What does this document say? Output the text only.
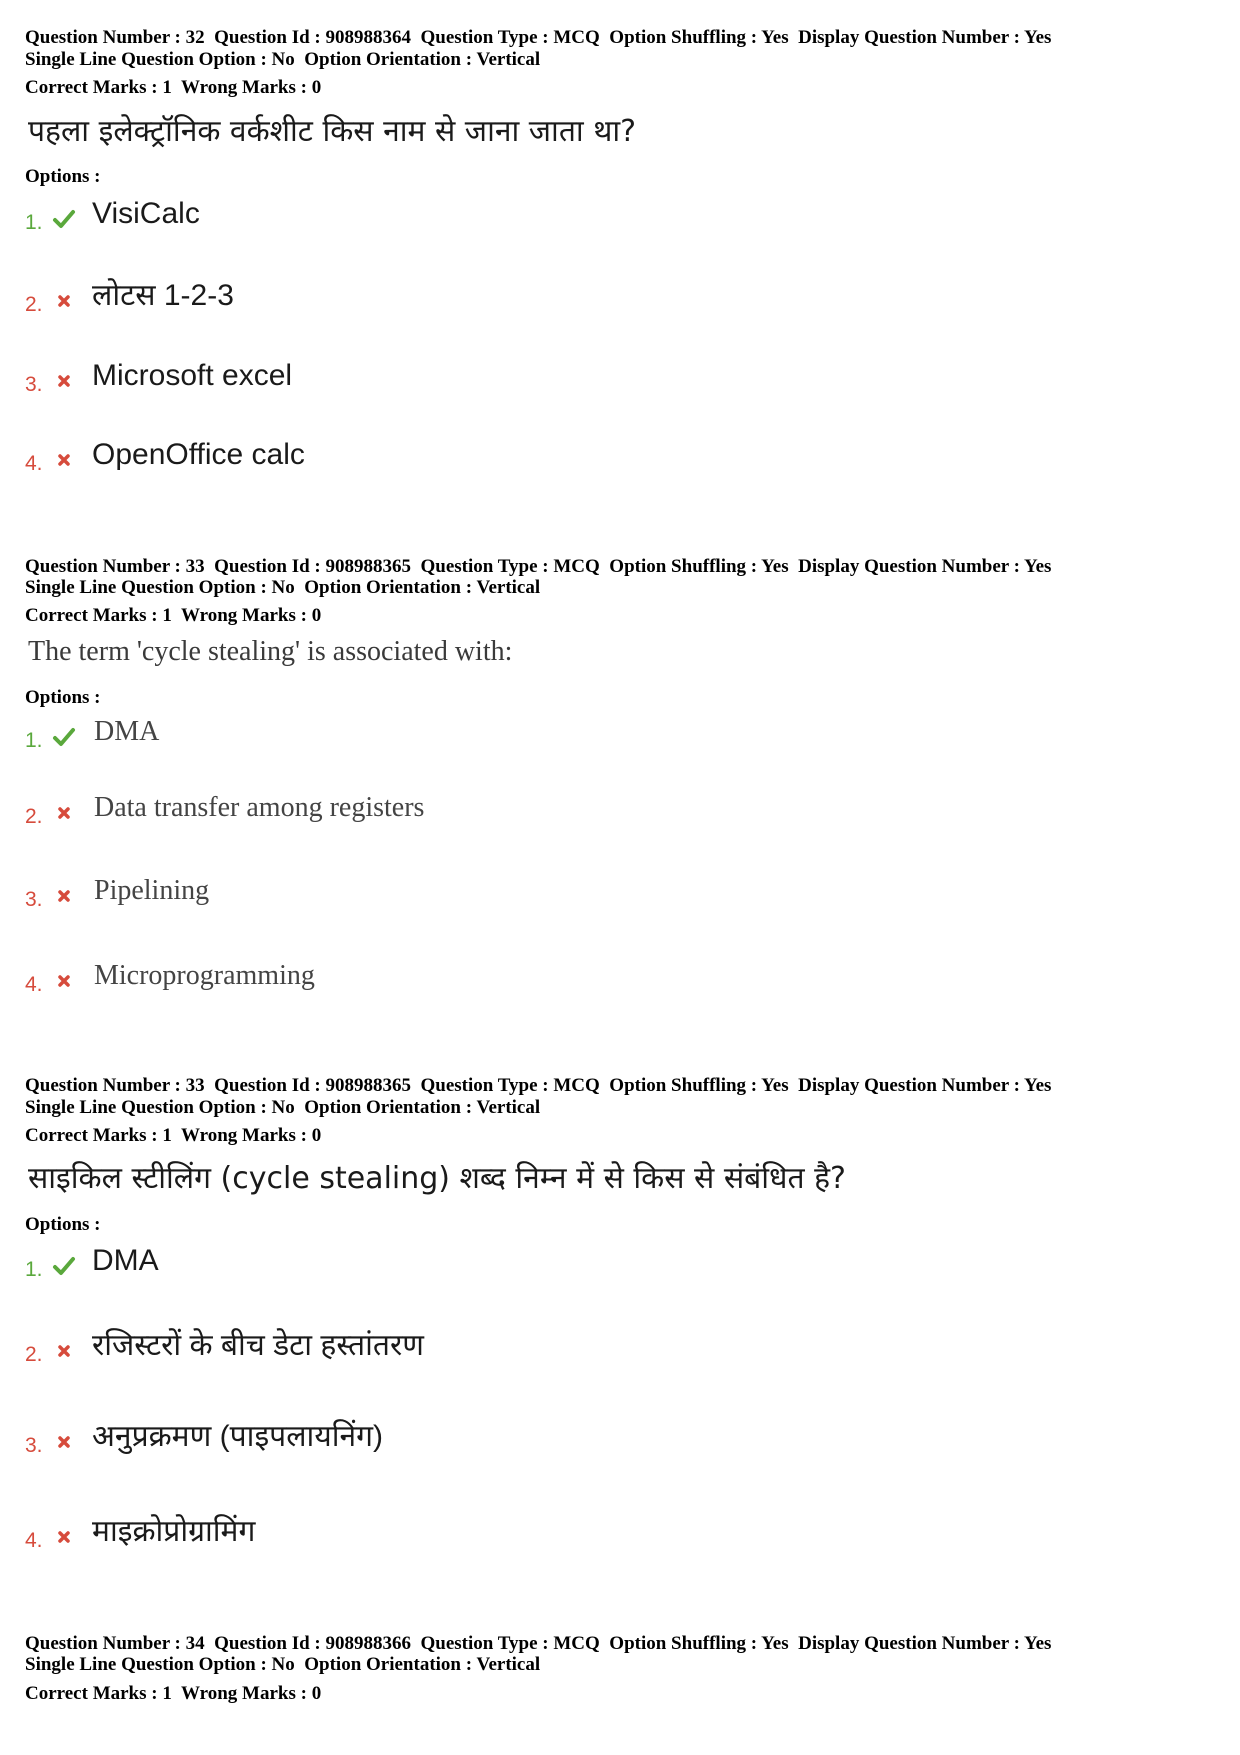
Question Number : 32  Question Id : 908988364  Question Type : MCQ  Option Shuffling : Yes  Display Question Number : Yes
Single Line Question Option : No  Option Orientation : Vertical
Correct Marks : 1  Wrong Marks : 0
पहला इलेक्ट्रॉनिक वर्कशीट किस नाम से जाना जाता था?
Options :
1. VisiCalc
2. लोटस 1-2-3
3. Microsoft excel
4. OpenOffice calc
Question Number : 33  Question Id : 908988365  Question Type : MCQ  Option Shuffling : Yes  Display Question Number : Yes
Single Line Question Option : No  Option Orientation : Vertical
Correct Marks : 1  Wrong Marks : 0
The term 'cycle stealing' is associated with:
Options :
1. DMA
2. Data transfer among registers
3. Pipelining
4. Microprogramming
Question Number : 33  Question Id : 908988365  Question Type : MCQ  Option Shuffling : Yes  Display Question Number : Yes
Single Line Question Option : No  Option Orientation : Vertical
Correct Marks : 1  Wrong Marks : 0
साइकिल स्टीलिंग (cycle stealing) शब्द निम्न में से किस से संबंधित है?
Options :
1. DMA
2. रजिस्टरों के बीच डेटा हस्तांतरण
3. अनुप्रक्रमण (पाइपलायनिंग)
4. माइक्रोप्रोग्रामिंग
Question Number : 34  Question Id : 908988366  Question Type : MCQ  Option Shuffling : Yes  Display Question Number : Yes
Single Line Question Option : No  Option Orientation : Vertical
Correct Marks : 1  Wrong Marks : 0
